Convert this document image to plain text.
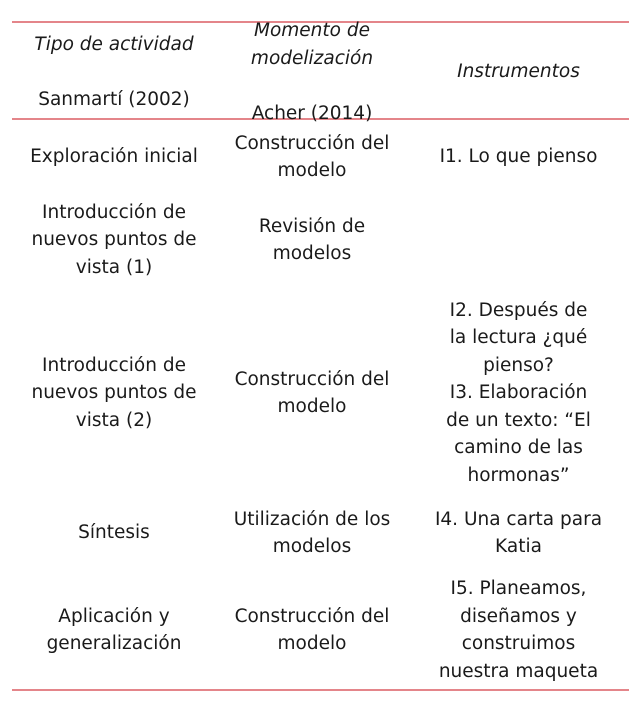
Tipo de actividad

Sanmartí (2002)

Momento de
modelización

Acher (2014)

Instrumentos

Exploración inicial
Construcción del
modelo
I1. Lo que pienso
Introducción de
nuevos puntos de
vista (1)
Revisión de
modelos
Introducción de
nuevos puntos de
vista (2)
Construcción del
modelo
I2. Después de
la lectura ¿qué
pienso?
I3. Elaboración
de un texto: “El
camino de las
hormonas”
Síntesis
Utilización de los
modelos
I4. Una carta para
Katia
Aplicación y
generalización
Construcción del
modelo
I5. Planeamos,
diseñamos y
construimos
nuestra maqueta
